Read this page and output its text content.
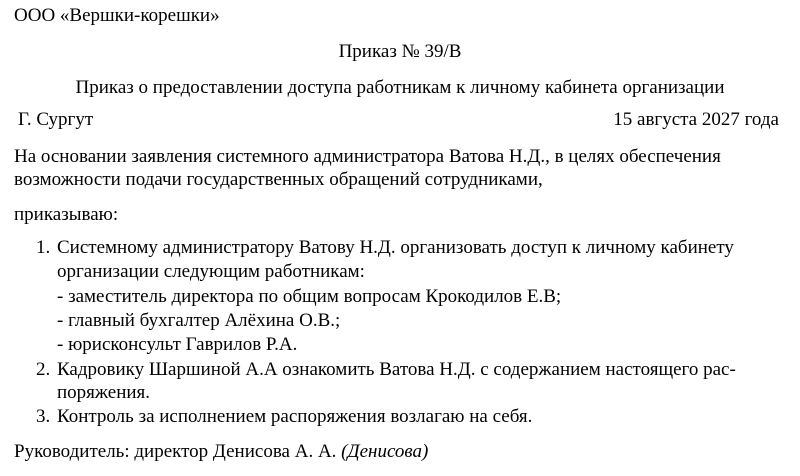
ООО «Вершки-корешки»
Приказ № 39/В
Приказ о предоставлении доступа работникам к личному кабинета организации
Г. Сургут	15 августа 2027 года
На основании заявления системного администратора Ватова Н.Д., в целях обеспечения
возможности подачи государственных обращений сотрудниками,
приказываю:
1. Системному администратору Ватову Н.Д. организовать доступ к личному кабинету
организации следующим работникам:
- заместитель директора по общим вопросам Крокодилов Е.В;
- главный бухгалтер Алёхина О.В.;
- юрисконсульт Гаврилов Р.А.
2. Кадровику Шаршиной А.А ознакомить Ватова Н.Д. с содержанием настоящего рас-
поряжения.
3. Контроль за исполнением распоряжения возлагаю на себя.
Руководитель: директор Денисова А. А. (Денисова)
